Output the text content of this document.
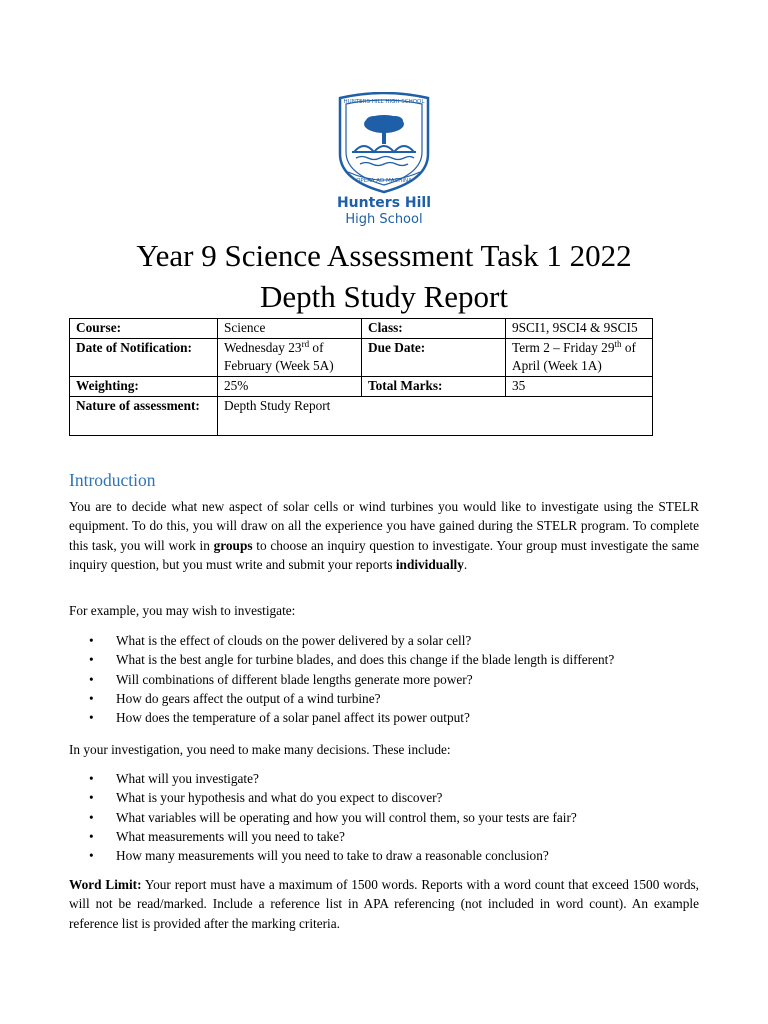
HUNTERS HILL HIGH SCHOOL
OPERA AD MACHINA
Hunters Hill
High School
Year 9 Science Assessment Task 1 2022
Depth Study Report
Course:	Science	Class:	9SCI1, 9SCI4 & 9SCI5
Date of Notification:	Wednesday 23rd of February (Week 5A)	Due Date:	Term 2 – Friday 29th of April (Week 1A)
Weighting:	25%	Total Marks:	35
Nature of assessment:	Depth Study Report		
Introduction

You are to decide what new aspect of solar cells or wind turbines you would like to investigate using the STELR equipment. To do this, you will draw on all the experience you have gained during the STELR program. To complete this task, you will work in groups to choose an inquiry question to investigate. Your group must investigate the same inquiry question, but you must write and submit your reports individually.

For example, you may wish to investigate:

• What is the effect of clouds on the power delivered by a solar cell?
• What is the best angle for turbine blades, and does this change if the blade length is different?
• Will combinations of different blade lengths generate more power?
• How do gears affect the output of a wind turbine?
• How does the temperature of a solar panel affect its power output?

In your investigation, you need to make many decisions. These include:

• What will you investigate?
• What is your hypothesis and what do you expect to discover?
• What variables will be operating and how you will control them, so your tests are fair?
• What measurements will you need to take?
• How many measurements will you need to take to draw a reasonable conclusion?

Word Limit: Your report must have a maximum of 1500 words. Reports with a word count that exceed 1500 words, will not be read/marked. Include a reference list in APA referencing (not included in word count). An example reference list is provided after the marking criteria.
